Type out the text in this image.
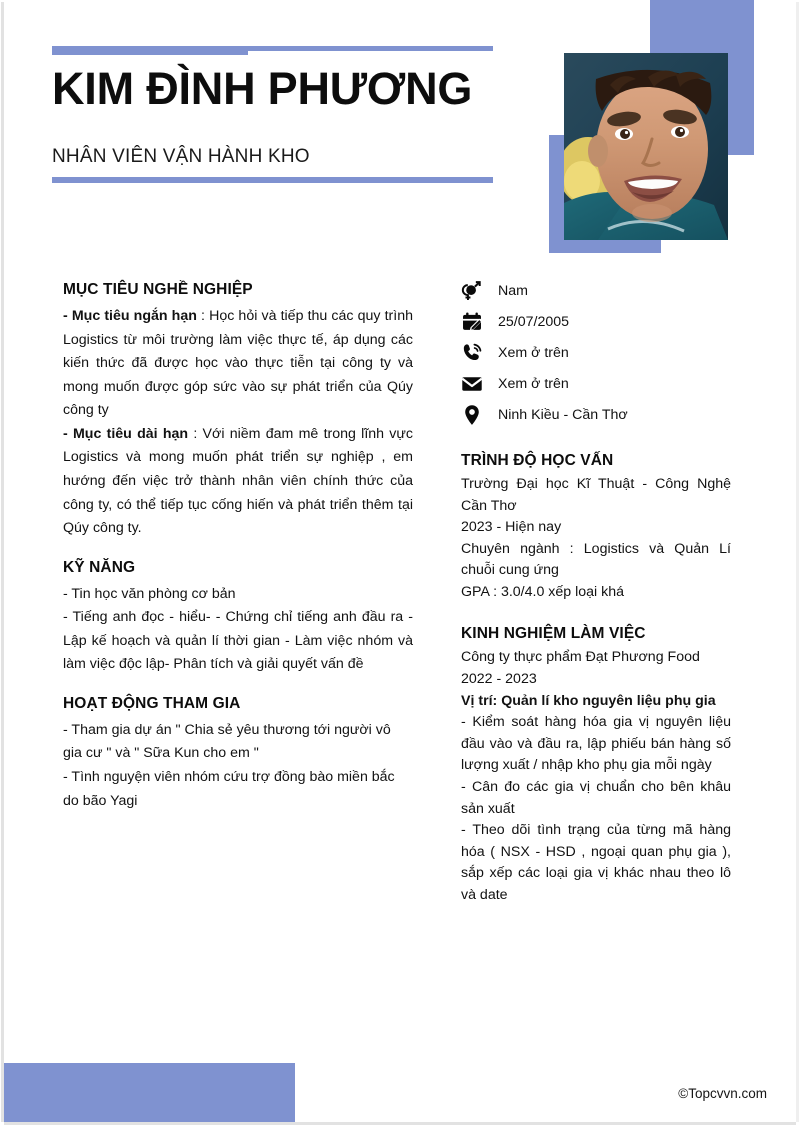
KIM ĐÌNH PHƯƠNG
NHÂN VIÊN VẬN HÀNH KHO
MỤC TIÊU NGHỀ NGHIỆP

- Mục tiêu ngắn hạn : Học hỏi và tiếp thu các quy trình Logistics từ môi trường làm việc thực tế, áp dụng các kiến thức đã được học vào thực tiễn tại công ty và mong muốn được góp sức vào sự phát triển của Qúy công ty

- Mục tiêu dài hạn : Với niềm đam mê trong lĩnh vực Logistics và mong muốn phát triển sự nghiệp , em hướng đến việc trở thành nhân viên chính thức của công ty, có thể tiếp tục cống hiến và phát triển thêm tại Qúy công ty.

KỸ NĂNG

- Tin học văn phòng cơ bản

- Tiếng anh đọc - hiểu- - Chứng chỉ tiếng anh đầu ra - Lập kế hoạch và quản lí thời gian - Làm việc nhóm và làm việc độc lập- Phân tích và giải quyết vấn đề

HOẠT ĐỘNG THAM GIA

- Tham gia dự án " Chia sẻ yêu thương tới người vô gia cư " và " Sữa Kun cho em "

- Tình nguyện viên nhóm cứu trợ đồng bào miền bắc do bão Yagi

Nam
25/07/2005
Xem ở trên
Xem ở trên
Ninh Kiều - Cần Thơ
TRÌNH ĐỘ HỌC VẤN
Trường Đại học Kĩ Thuật - Công Nghệ Cần Thơ
2023 - Hiện nay
Chuyên ngành : Logistics và Quản Lí chuỗi cung ứng
GPA : 3.0/4.0 xếp loại khá
KINH NGHIỆM LÀM VIỆC
Công ty thực phẩm Đạt Phương Food
2022 - 2023
Vị trí: Quản lí kho nguyên liệu phụ gia
- Kiểm soát hàng hóa gia vị nguyên liệu đầu vào và đầu ra, lập phiếu bán hàng số lượng xuất / nhập kho phụ gia mỗi ngày
- Cân đo các gia vị chuẩn cho bên khâu sản xuất
- Theo dõi tình trạng của từng mã hàng hóa ( NSX - HSD , ngoại quan phụ gia ), sắp xếp các loại gia vị khác nhau theo lô và date
©Topcvvn.com
